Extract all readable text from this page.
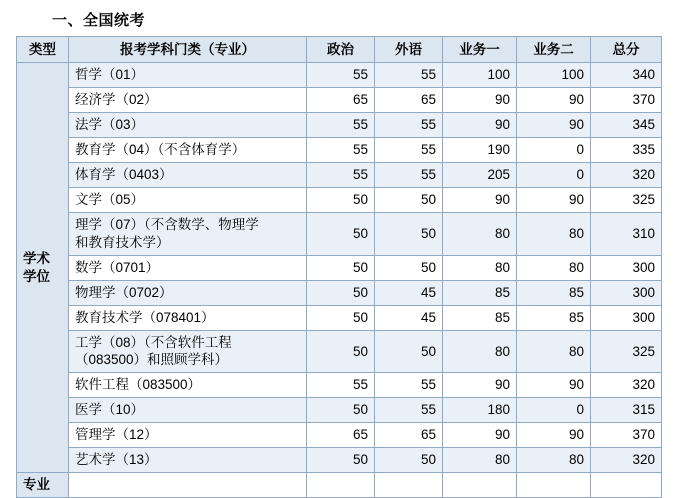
一、全国统考
类型	报考学科门类（专业）	政治	外语	业务一	业务二	总分

学术
学位	哲学（01）	55	55	100	100	340

	经济学（02）	65	65	90	90	370

	法学（03）	55	55	90	90	345

	教育学（04）（不含体育学）	55	55	190	0	335

	体育学（0403）	55	55	205	0	320

	文学（05）	50	50	90	90	325

	理学（07）（不含数学、物理学
和教育技术学）	50	50	80	80	310

	数学（0701）	50	50	80	80	300

	物理学（0702）	50	45	85	85	300

	教育技术学（078401）	50	45	85	85	300

	工学（08）（不含软件工程
（083500）和照顾学科）	50	50	80	80	325

	软件工程（083500）	55	55	90	90	320

	医学（10）	50	55	180	0	315

	管理学（12）	65	65	90	90	370

	艺术学（13）	50	50	80	80	320

专业						
